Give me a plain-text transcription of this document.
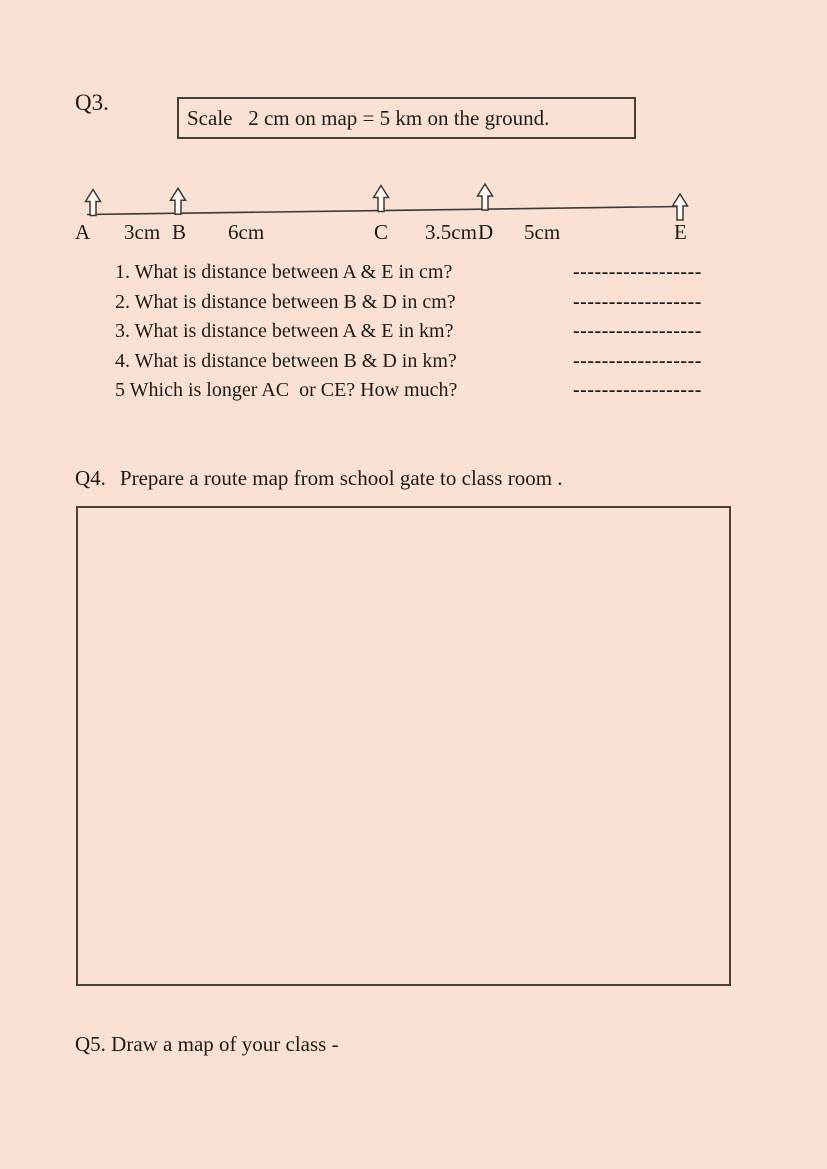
Q3.
Scale   2 cm on map = 5 km on the ground.
A 3cm B 6cm	C 3.5cm D 5cm	E
1. What is distance between A & E in cm?	------------------
2. What is distance between B & D in cm?	------------------
3. What is distance between A & E in km?	------------------
4. What is distance between B & D in km?	------------------
5 Which is longer AC  or CE? How much?	------------------
Q4. Prepare a route map from school gate to class room .
Q5. Draw a map of your class -
